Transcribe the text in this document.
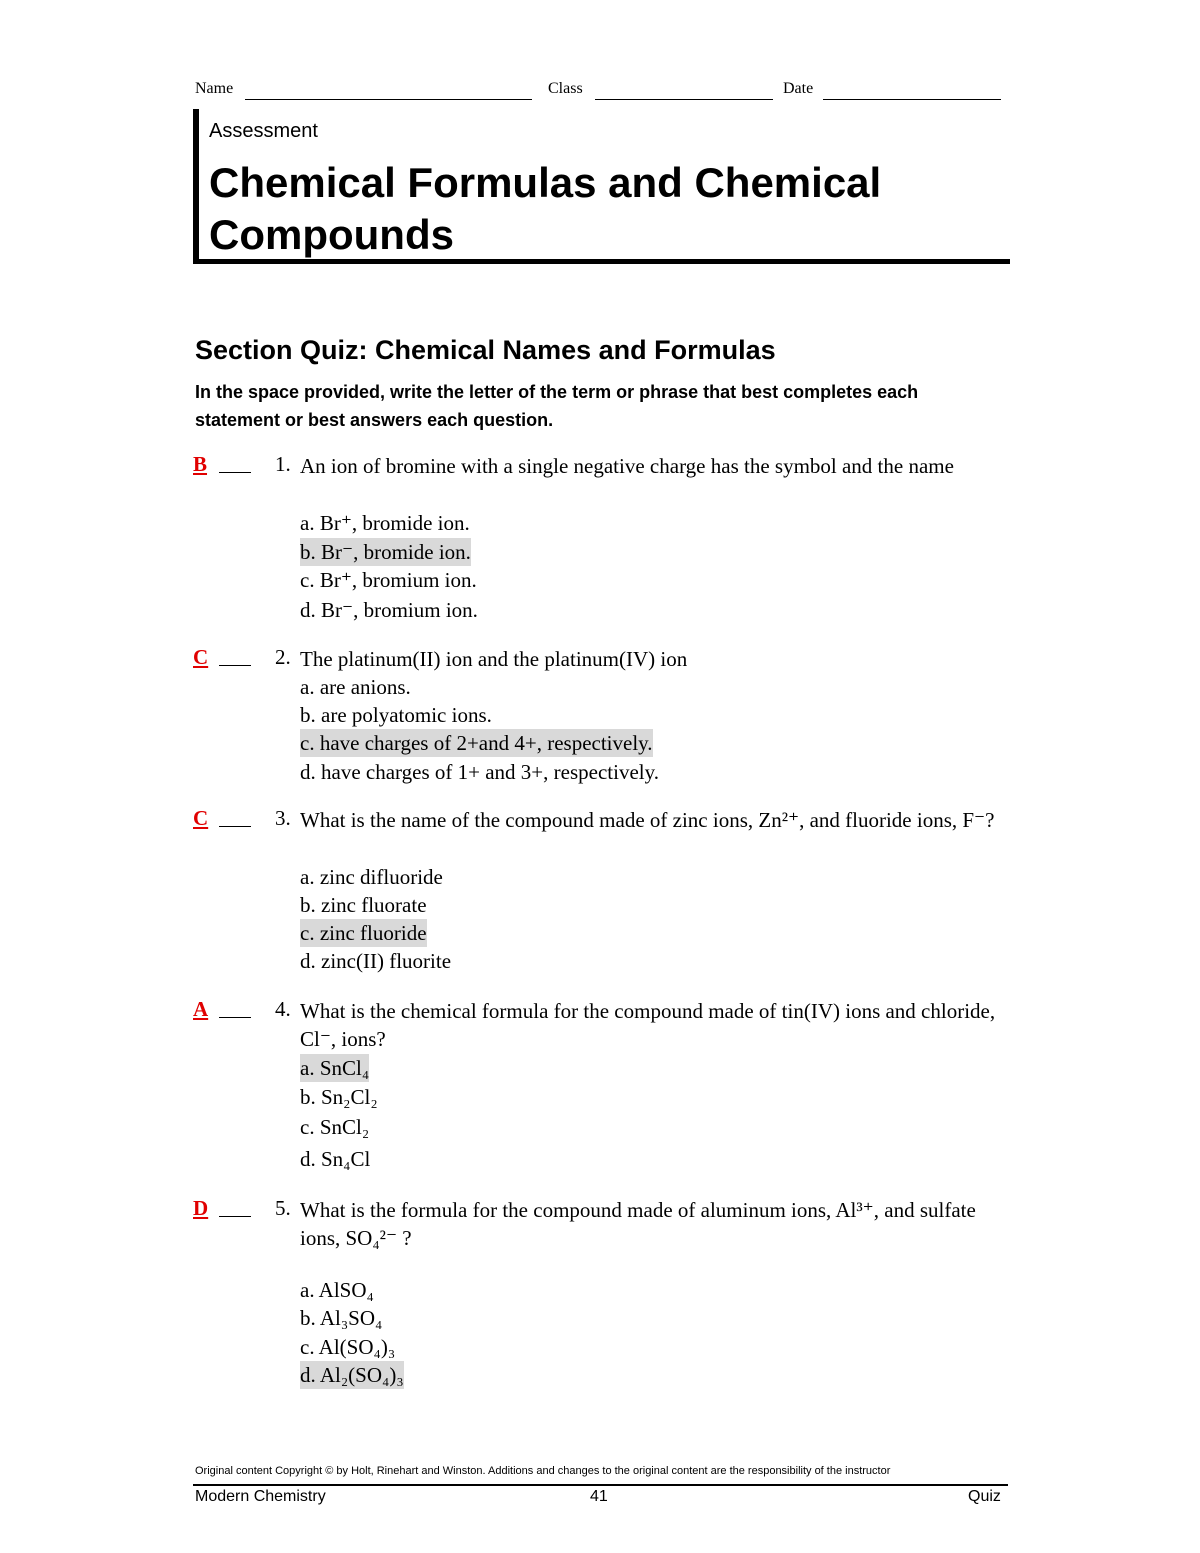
Name	Class	Date
Assessment
Chemical Formulas and Chemical Compounds
Section Quiz: Chemical Names and Formulas
In the space provided, write the letter of the term or phrase that best completes each statement or best answers each question.
B	1. An ion of bromine with a single negative charge has the symbol and the name
a. Br⁺, bromide ion.
b. Br⁻, bromide ion.
c. Br⁺, bromium ion.
d. Br⁻, bromium ion.
C	2. The platinum(II) ion and the platinum(IV) ion
a. are anions.
b. are polyatomic ions.
c. have charges of 2+and 4+, respectively.
d. have charges of 1+ and 3+, respectively.
C	3. What is the name of the compound made of zinc ions, Zn²⁺, and fluoride ions, F⁻?
a. zinc difluoride
b. zinc fluorate
c. zinc fluoride
d. zinc(II) fluorite
A	4. What is the chemical formula for the compound made of tin(IV) ions and chloride, Cl⁻, ions?
a. SnCl₄
b. Sn₂Cl₂
c. SnCl₂
d. Sn₄Cl
D	5. What is the formula for the compound made of aluminum ions, Al³⁺, and sulfate ions, SO₄²⁻ ?
a. AlSO₄
b. Al₃SO₄
c. Al(SO₄)₃
d. Al₂(SO₄)₃
Original content Copyright © by Holt, Rinehart and Winston. Additions and changes to the original content are the responsibility of the instructor
Modern Chemistry	41	Quiz
